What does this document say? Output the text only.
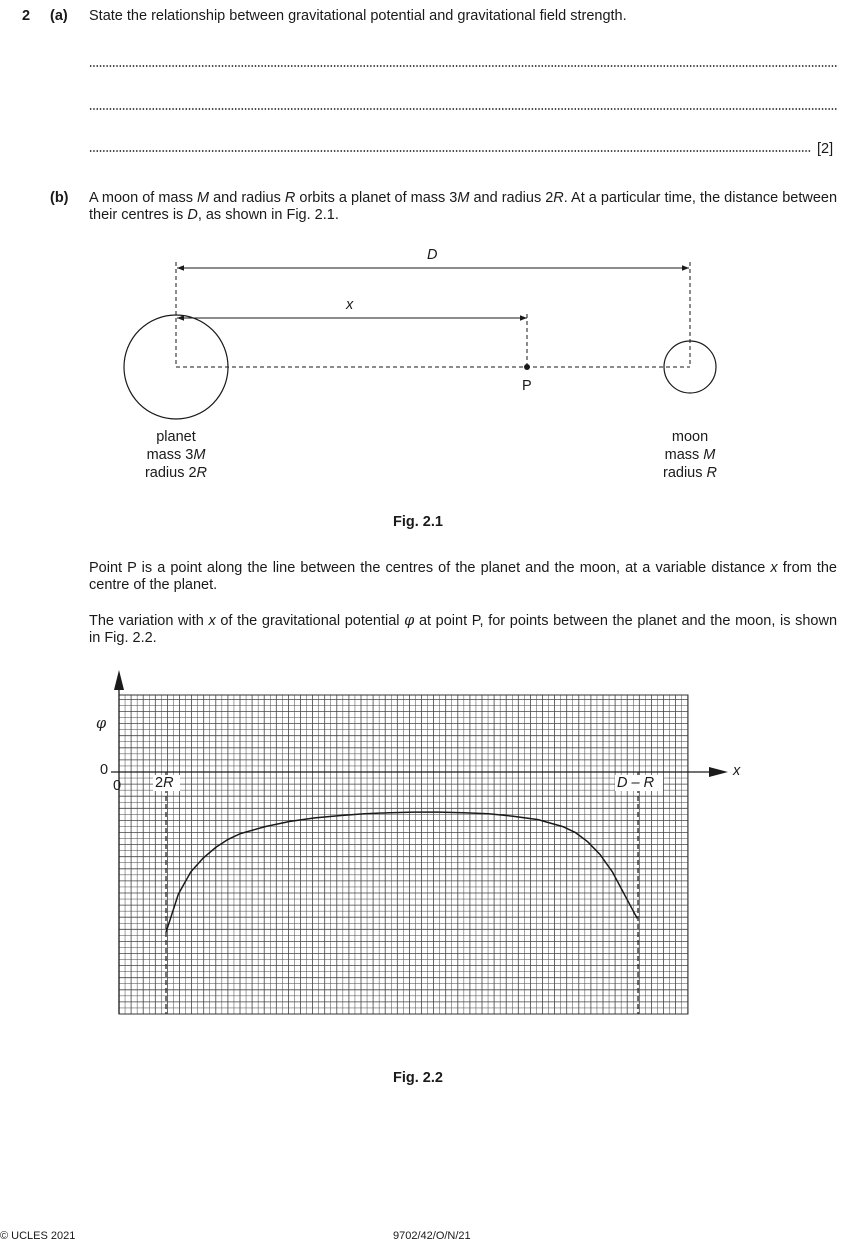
2 (a) State the relationship between gravitational potential and gravitational field strength.
[2]
(b) A moon of mass M and radius R orbits a planet of mass 3M and radius 2R. At a particular time, the distance between their centres is D, as shown in Fig. 2.1.
D
x
P
planet
mass 3M
radius 2R
moon
mass M
radius R
Fig. 2.1
Point P is a point along the line between the centres of the planet and the moon, at a variable distance x from the centre of the planet.
The variation with x of the gravitational potential φ at point P, for points between the planet and the moon, is shown in Fig. 2.2.
φ
0
0 2R	D – R
x
Fig. 2.2
© UCLES 2021	9702/42/O/N/21
